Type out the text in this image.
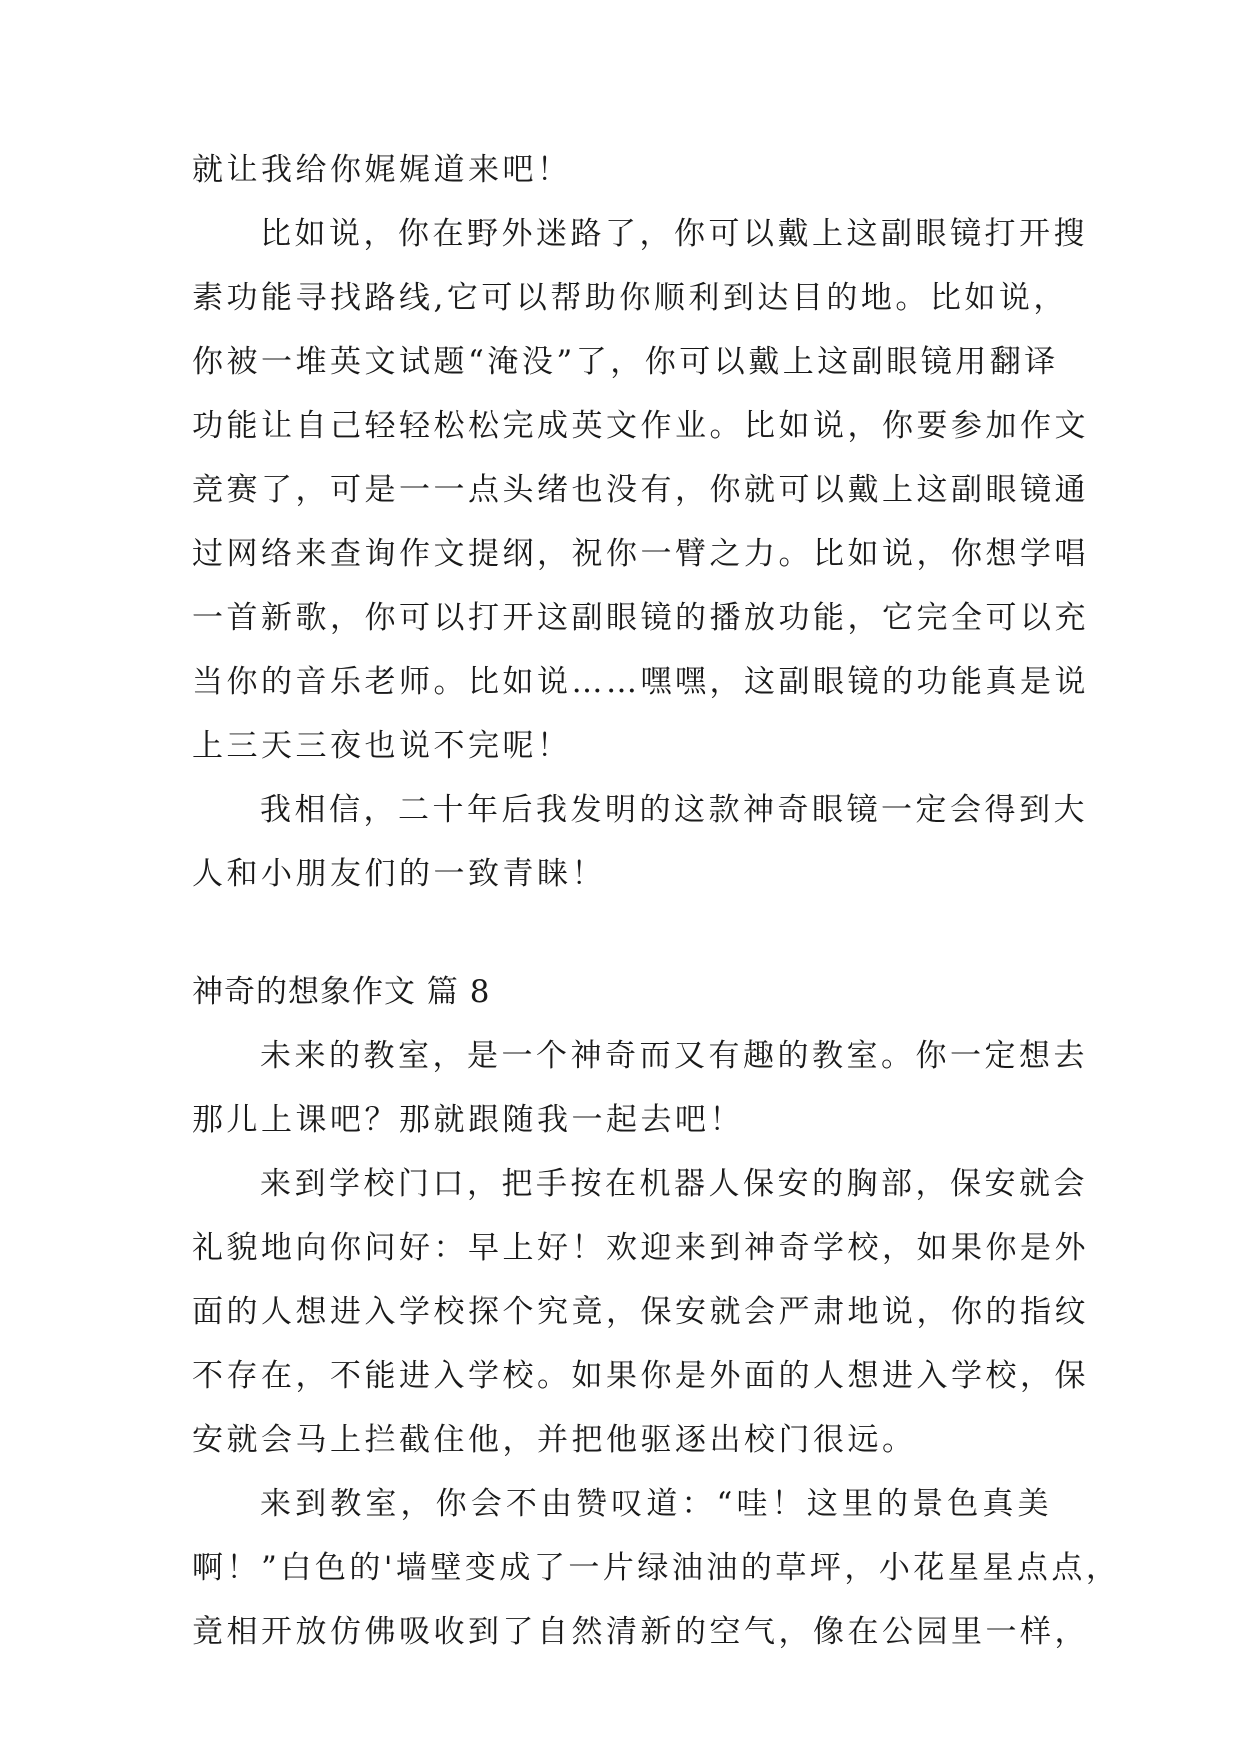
就让我给你娓娓道来吧！
比如说，你在野外迷路了，你可以戴上这副眼镜打开搜
素功能寻找路线,它可以帮助你顺利到达目的地。比如说，
你被一堆英文试题“淹没”了，你可以戴上这副眼镜用翻译
功能让自己轻轻松松完成英文作业。比如说，你要参加作文
竞赛了，可是一一点头绪也没有，你就可以戴上这副眼镜通
过网络来查询作文提纲，祝你一臂之力。比如说，你想学唱
一首新歌，你可以打开这副眼镜的播放功能，它完全可以充
当你的音乐老师。比如说……嘿嘿，这副眼镜的功能真是说
上三天三夜也说不完呢！
我相信，二十年后我发明的这款神奇眼镜一定会得到大
人和小朋友们的一致青睐！
神奇的想象作文 篇 8
未来的教室，是一个神奇而又有趣的教室。你一定想去
那儿上课吧？那就跟随我一起去吧！
来到学校门口，把手按在机器人保安的胸部，保安就会
礼貌地向你问好：早上好！欢迎来到神奇学校，如果你是外
面的人想进入学校探个究竟，保安就会严肃地说，你的指纹
不存在，不能进入学校。如果你是外面的人想进入学校，保
安就会马上拦截住他，并把他驱逐出校门很远。
来到教室，你会不由赞叹道：“哇！这里的景色真美
啊！”白色的'墙壁变成了一片绿油油的草坪，小花星星点点，
竟相开放仿佛吸收到了自然清新的空气，像在公园里一样，
